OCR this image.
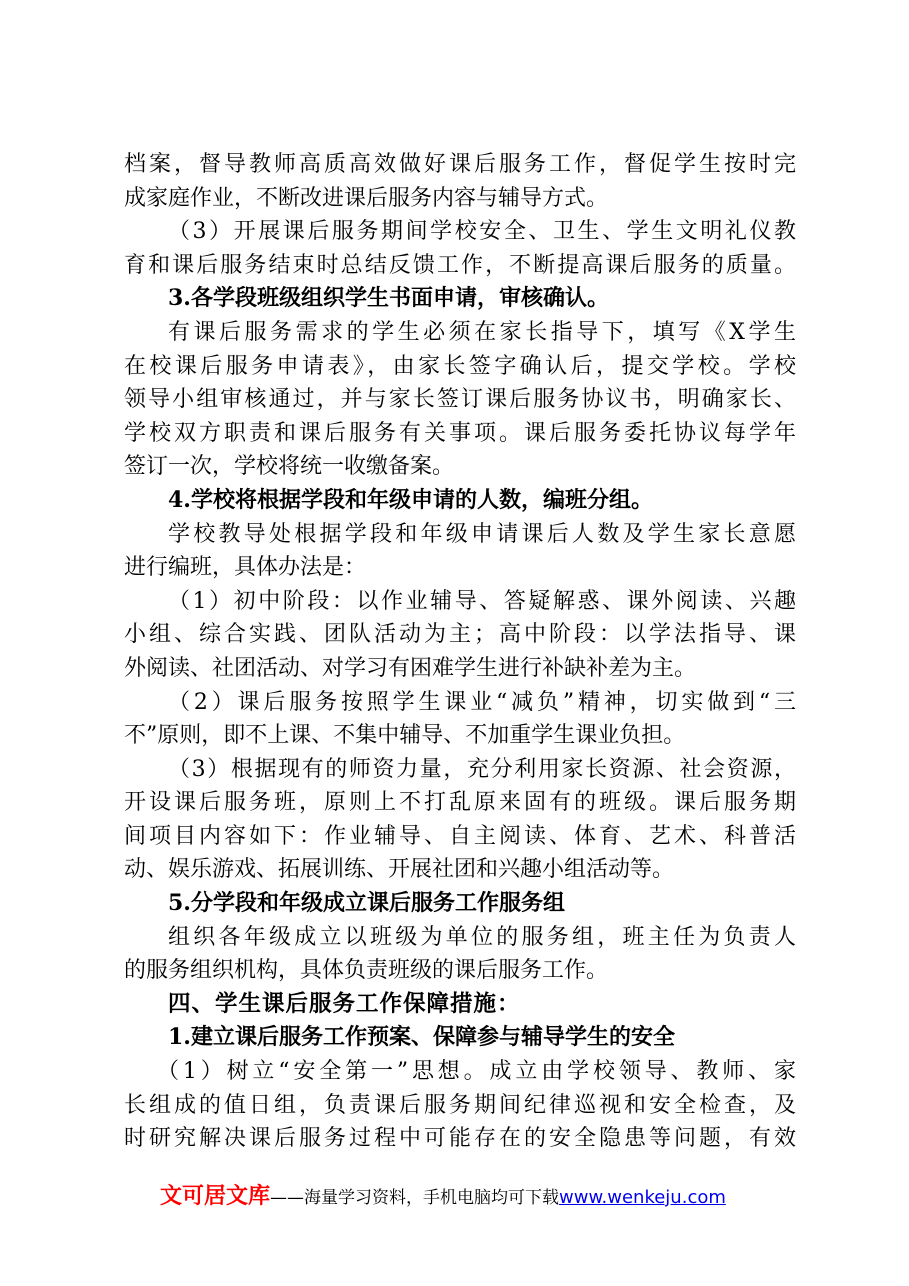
档案，督导教师高质高效做好课后服务工作，督促学生按时完
成家庭作业，不断改进课后服务内容与辅导方式。
（3）开展课后服务期间学校安全、卫生、学生文明礼仪教
育和课后服务结束时总结反馈工作，不断提高课后服务的质量。
3.各学段班级组织学生书面申请，审核确认。
有课后服务需求的学生必须在家长指导下，填写《X学生
在校课后服务申请表》，由家长签字确认后，提交学校。学校
领导小组审核通过，并与家长签订课后服务协议书，明确家长、
学校双方职责和课后服务有关事项。课后服务委托协议每学年
签订一次，学校将统一收缴备案。
4.学校将根据学段和年级申请的人数，编班分组。
学校教导处根据学段和年级申请课后人数及学生家长意愿
进行编班，具体办法是：
（1）初中阶段：以作业辅导、答疑解惑、课外阅读、兴趣
小组、综合实践、团队活动为主；高中阶段：以学法指导、课
外阅读、社团活动、对学习有困难学生进行补缺补差为主。
（2）课后服务按照学生课业“减负”精神，切实做到“三
不”原则，即不上课、不集中辅导、不加重学生课业负担。
（3）根据现有的师资力量，充分利用家长资源、社会资源，
开设课后服务班，原则上不打乱原来固有的班级。课后服务期
间项目内容如下：作业辅导、自主阅读、体育、艺术、科普活
动、娱乐游戏、拓展训练、开展社团和兴趣小组活动等。
5.分学段和年级成立课后服务工作服务组
组织各年级成立以班级为单位的服务组，班主任为负责人
的服务组织机构，具体负责班级的课后服务工作。
四、学生课后服务工作保障措施：
1.建立课后服务工作预案、保障参与辅导学生的安全
（1）树立“安全第一”思想。成立由学校领导、教师、家
长组成的值日组，负责课后服务期间纪律巡视和安全检查，及
时研究解决课后服务过程中可能存在的安全隐患等问题，有效
文可居文库——海量学习资料，手机电脑均可下载www.wenkeju.com
